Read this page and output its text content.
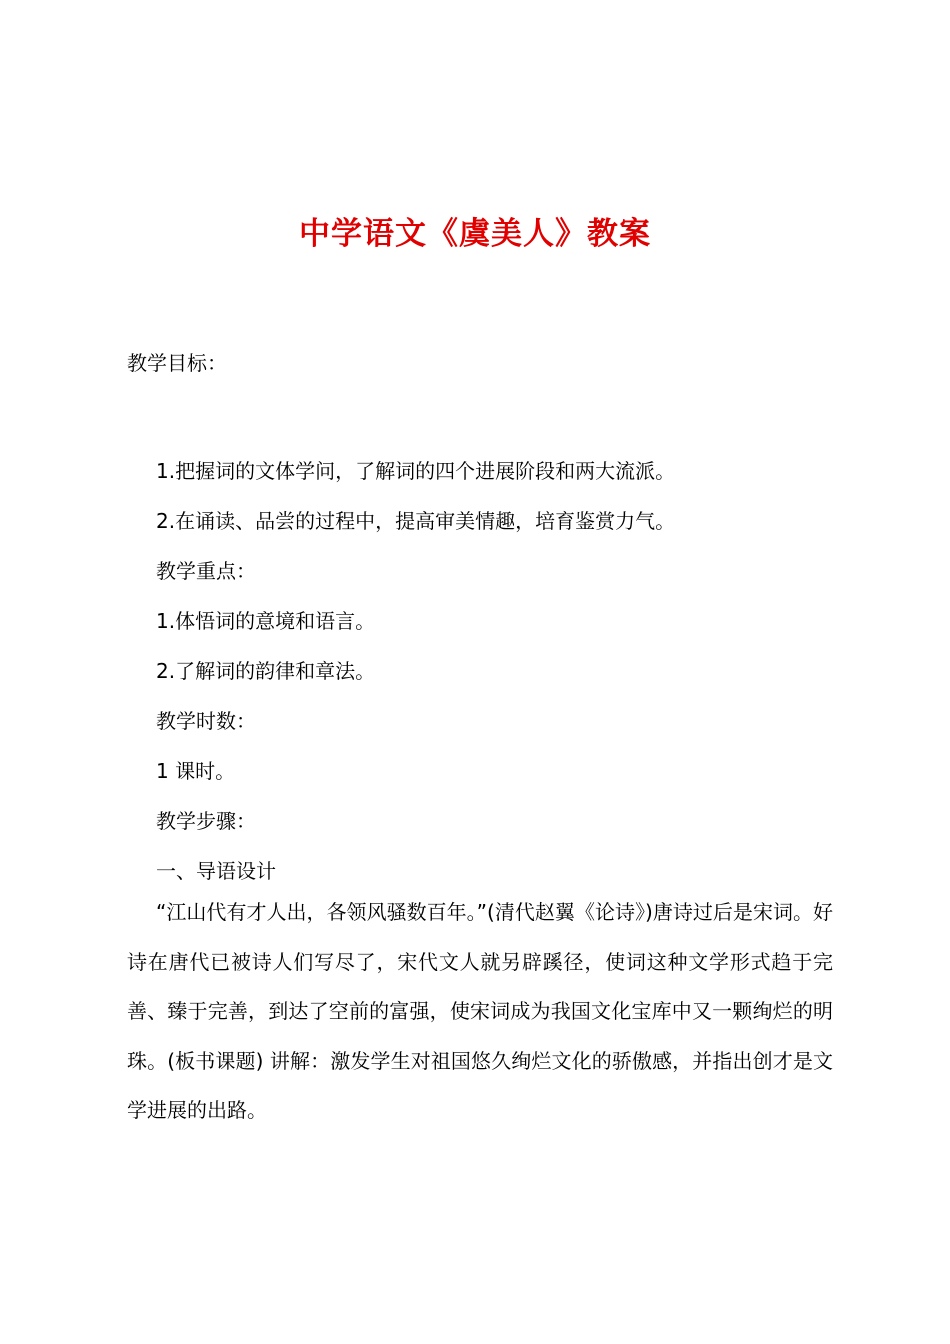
中学语文《虞美人》教案

教学目标：

1.把握词的文体学问，了解词的四个进展阶段和两大流派。

2.在诵读、品尝的过程中，提高审美情趣，培育鉴赏力气。

教学重点：

1.体悟词的意境和语言。

2.了解词的韵律和章法。

教学时数：

1 课时。

教学步骤：

一、导语设计

“江山代有才人出，各领风骚数百年。”(清代赵翼《论诗》)唐诗过后是宋词。好诗在唐代已被诗人们写尽了，宋代文人就另辟蹊径，使词这种文学形式趋于完善、臻于完善，到达了空前的富强，使宋词成为我国文化宝库中又一颗绚烂的明珠。(板书课题) 讲解：激发学生对祖国悠久绚烂文化的骄傲感，并指出创才是文学进展的出路。
